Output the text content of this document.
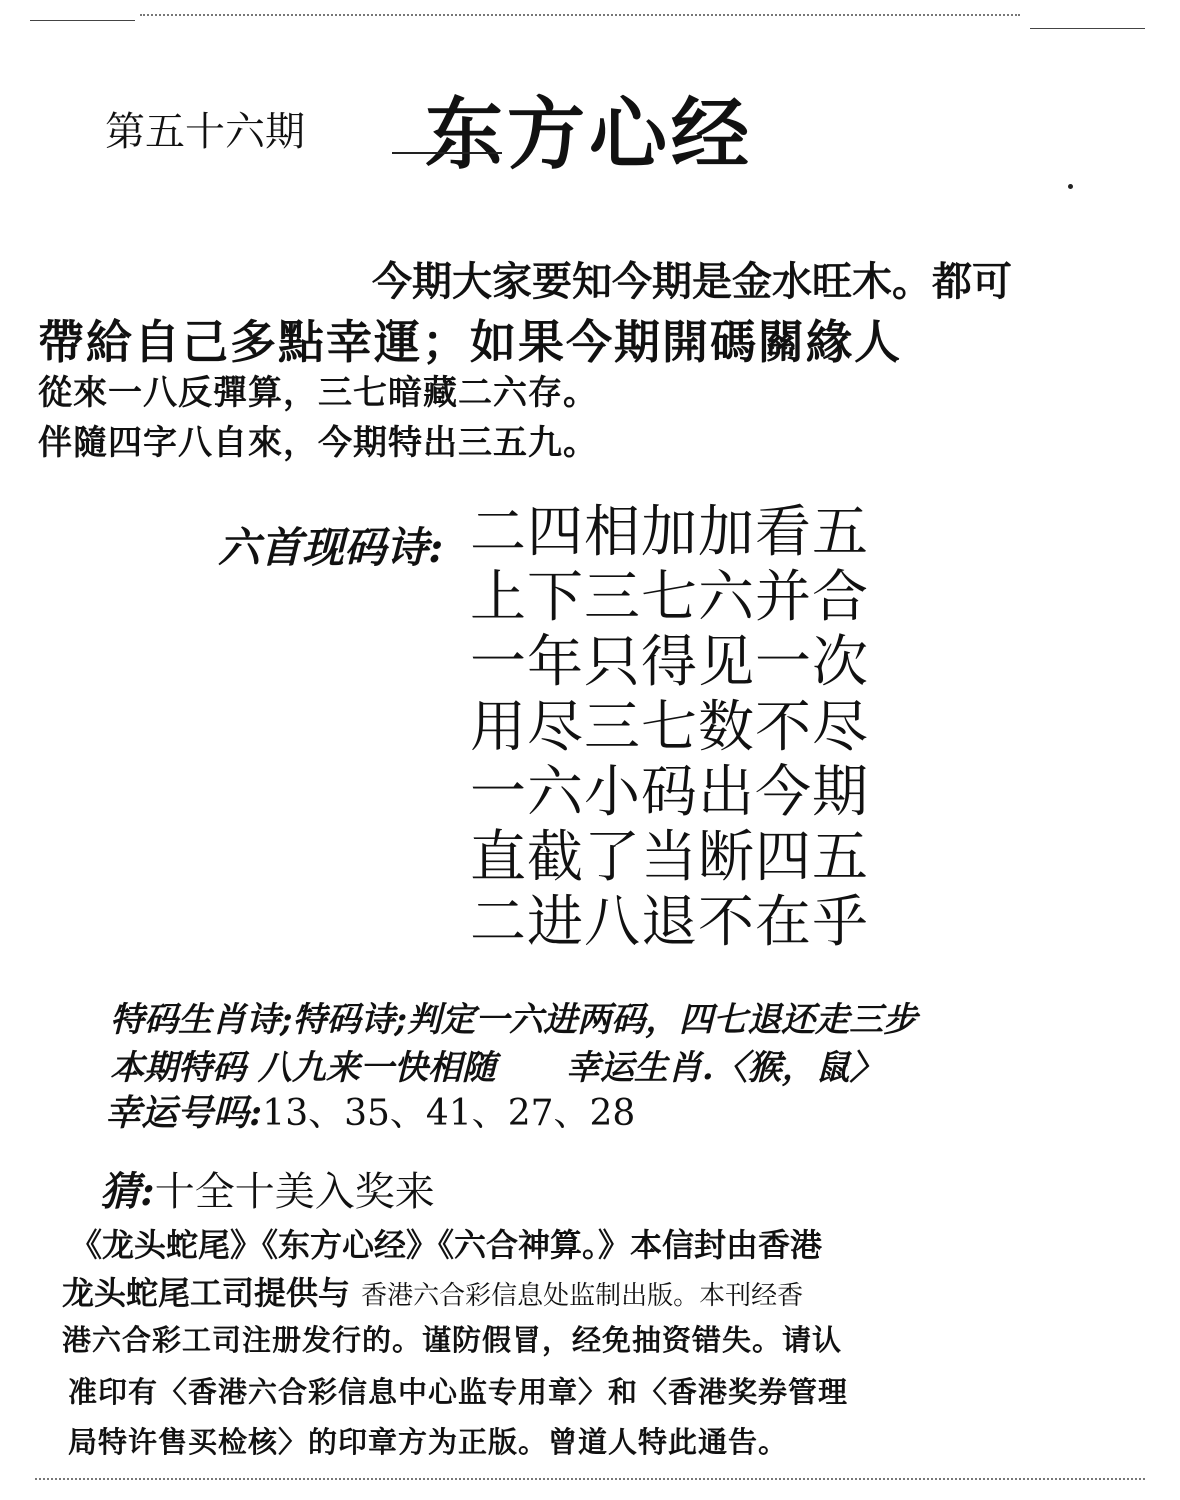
第五十六期 东方心经
今期大家要知今期是金水旺木。都可
帶給自己多點幸運；如果今期開碼關緣人
從來一八反彈算，三七暗藏二六存。
伴隨四字八自來，今期特出三五九。
六首现码诗: 二四相加加看五
上下三七六并合
一年只得见一次
用尽三七数不尽
一六小码出今期
直截了当断四五
二进八退不在乎
特码生肖诗;特码诗;判定一六进两码，四七退还走三步
本期特码 八九来一快相随 幸运生肖.〈猴，鼠〉
幸运号吗:13、35、41、27、28
猜:十全十美入奖来
《龙头蛇尾》《东方心经》《六合神算。》本信封由香港
龙头蛇尾工司提供与 香港六合彩信息处监制出版。本刊经香
港六合彩工司注册发行的。谨防假冒，经免抽资错失。请认
准印有〈香港六合彩信息中心监专用章〉和〈香港奖券管理
局特许售买检核〉的印章方为正版。曾道人特此通告。
